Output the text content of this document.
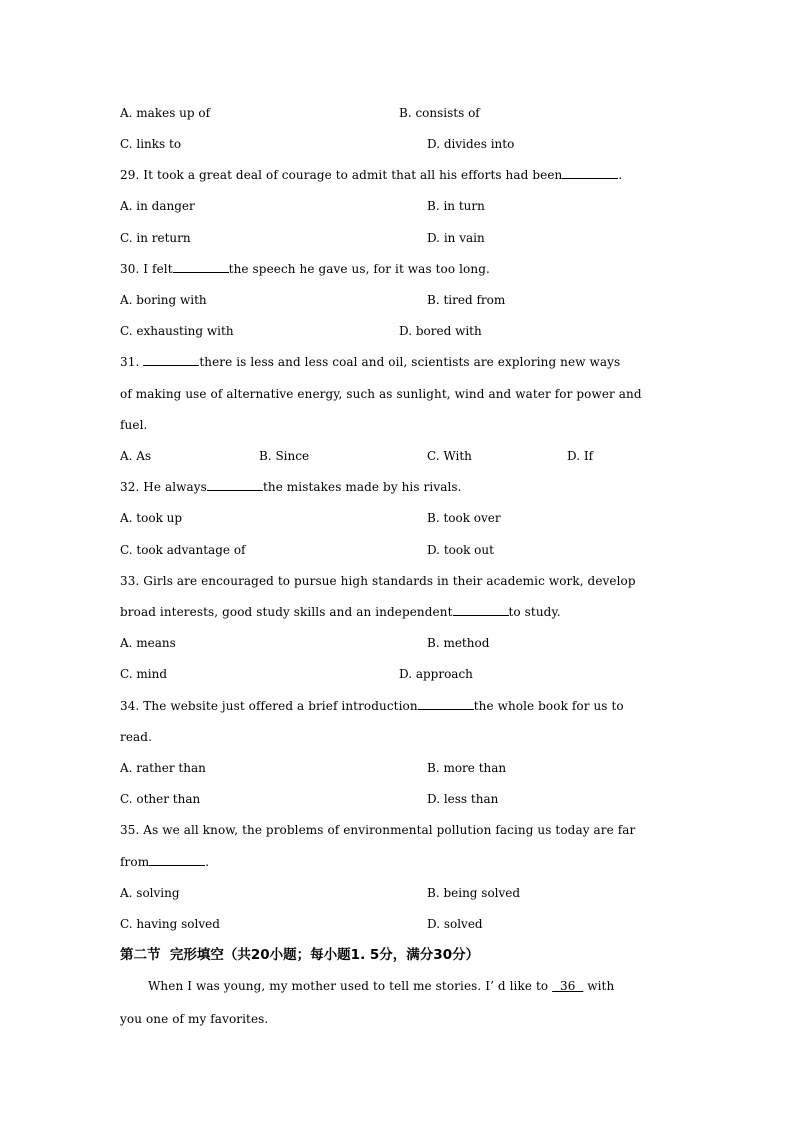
A. makes up of	B. consists of
C. links to	D. divides into
29. It took a great deal of courage to admit that all his efforts had been	.
A. in danger	B. in turn
C. in return	D. in vain
30. I felt	the speech he gave us, for it was too long.
A. boring with	B. tired from
C. exhausting with	D. bored with
31.	there is less and less coal and oil, scientists are exploring new ways
of making use of alternative energy, such as sunlight, wind and water for power and
fuel.
A. As	B. Since	C. With	D. If
32. He always	the mistakes made by his rivals.
A. took up	B. took over
C. took advantage of	D. took out
33. Girls are encouraged to pursue high standards in their academic work, develop
broad interests, good study skills and an independent	to study.
A. means	B. method
C. mind	D. approach
34. The website just offered a brief introduction	the whole book for us to
read.
A. rather than	B. more than
C. other than	D. less than
35. As we all know, the problems of environmental pollution facing us today are far
from	.
A. solving	B. being solved
C. having solved	D. solved
第二节  完形填空（共20小题；每小题1. 5分，满分30分）
When I was young, my mother used to tell me stories. I’ d like to   36   with
you one of my favorites.
